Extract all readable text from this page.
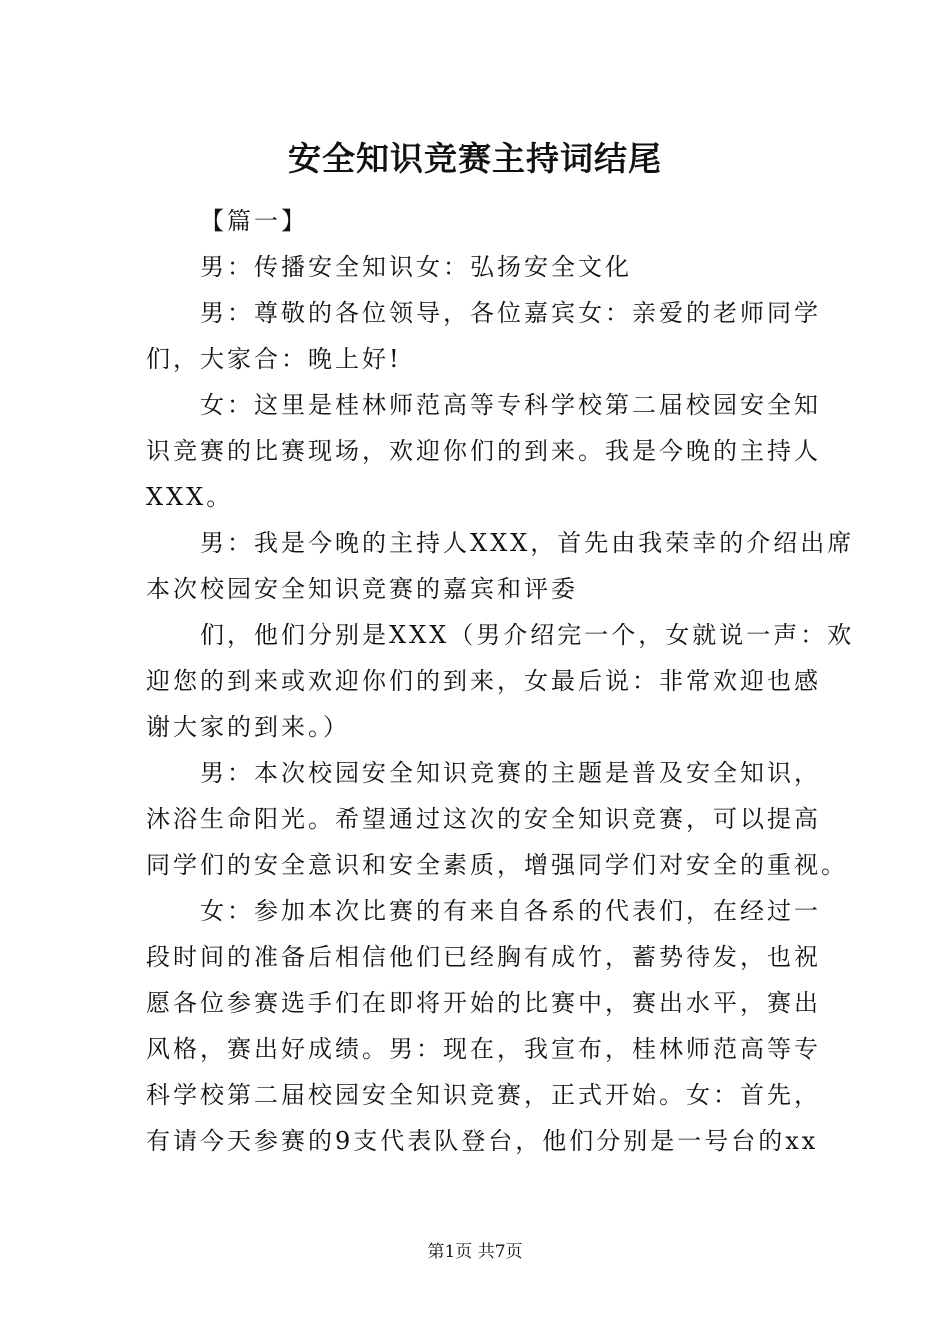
安全知识竞赛主持词结尾

【篇一】

男：传播安全知识女：弘扬安全文化

男：尊敬的各位领导，各位嘉宾女：亲爱的老师同学
们，大家合：晚上好!

女：这里是桂林师范高等专科学校第二届校园安全知
识竞赛的比赛现场，欢迎你们的到来。我是今晚的主持人
XXX。

男：我是今晚的主持人XXX，首先由我荣幸的介绍出席
本次校园安全知识竞赛的嘉宾和评委

们，他们分别是XXX（男介绍完一个，女就说一声：欢
迎您的到来或欢迎你们的到来，女最后说：非常欢迎也感
谢大家的到来。）

男：本次校园安全知识竞赛的主题是普及安全知识，
沐浴生命阳光。希望通过这次的安全知识竞赛，可以提高
同学们的安全意识和安全素质，增强同学们对安全的重视。

女：参加本次比赛的有来自各系的代表们，在经过一
段时间的准备后相信他们已经胸有成竹，蓄势待发，也祝
愿各位参赛选手们在即将开始的比赛中，赛出水平，赛出
风格，赛出好成绩。男：现在，我宣布，桂林师范高等专
科学校第二届校园安全知识竞赛，正式开始。女：首先，
有请今天参赛的9支代表队登台，他们分别是一号台的xx

第1页 共7页
